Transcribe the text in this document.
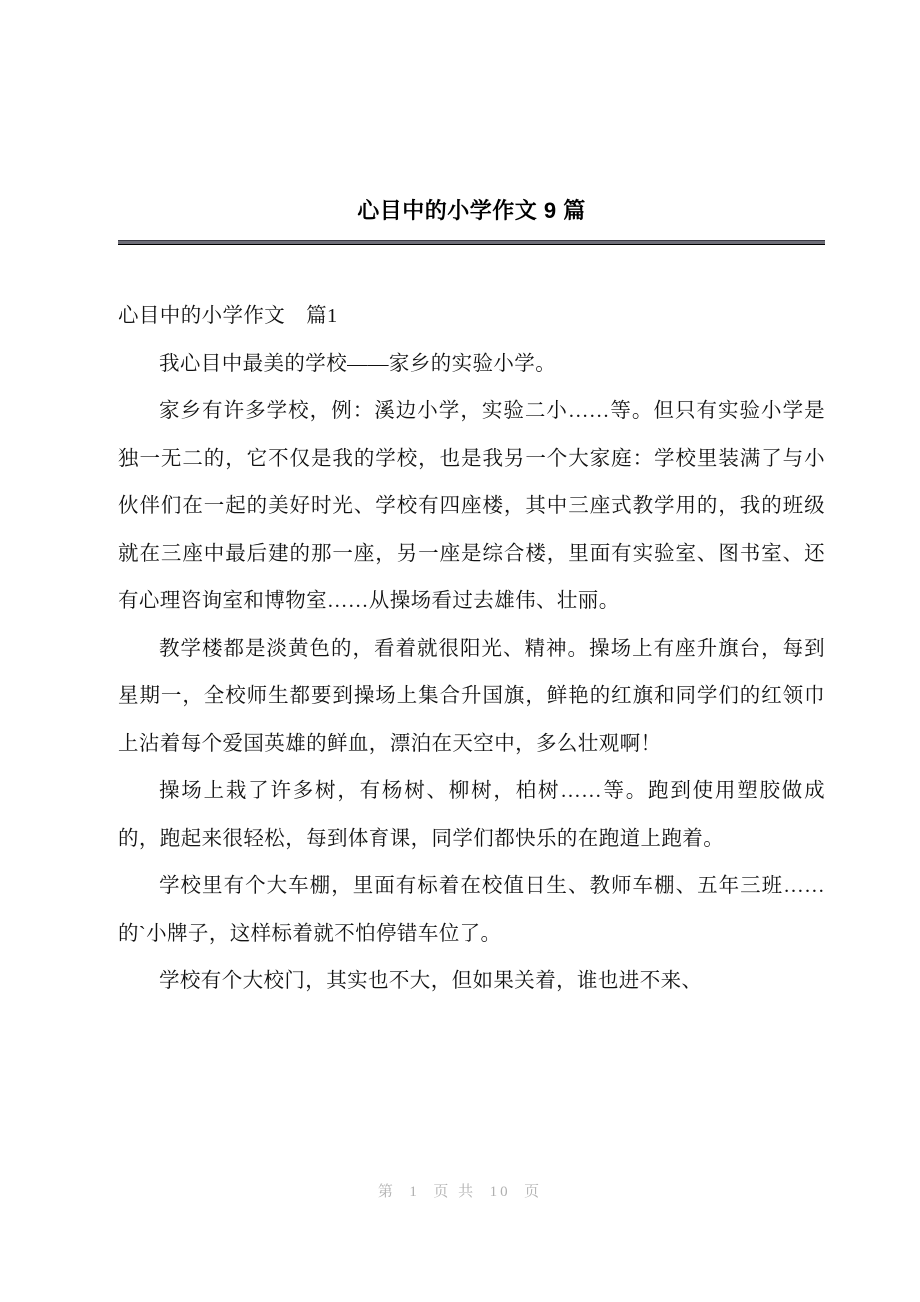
心目中的小学作文 9 篇

心目中的小学作文　篇1

我心目中最美的学校——家乡的实验小学。

家乡有许多学校，例：溪边小学，实验二小……等。但只有实验小学是独一无二的，它不仅是我的学校，也是我另一个大家庭：学校里装满了与小伙伴们在一起的美好时光、学校有四座楼，其中三座式教学用的，我的班级就在三座中最后建的那一座，另一座是综合楼，里面有实验室、图书室、还有心理咨询室和博物室……从操场看过去雄伟、壮丽。

教学楼都是淡黄色的，看着就很阳光、精神。操场上有座升旗台，每到星期一，全校师生都要到操场上集合升国旗，鲜艳的红旗和同学们的红领巾上沾着每个爱国英雄的鲜血，漂泊在天空中，多么壮观啊！

操场上栽了许多树，有杨树、柳树，柏树……等。跑到使用塑胶做成的，跑起来很轻松，每到体育课，同学们都快乐的在跑道上跑着。

学校里有个大车棚，里面有标着在校值日生、教师车棚、五年三班……的`小牌子，这样标着就不怕停错车位了。

学校有个大校门，其实也不大，但如果关着，谁也进不来、

第  1  页 共  10  页
